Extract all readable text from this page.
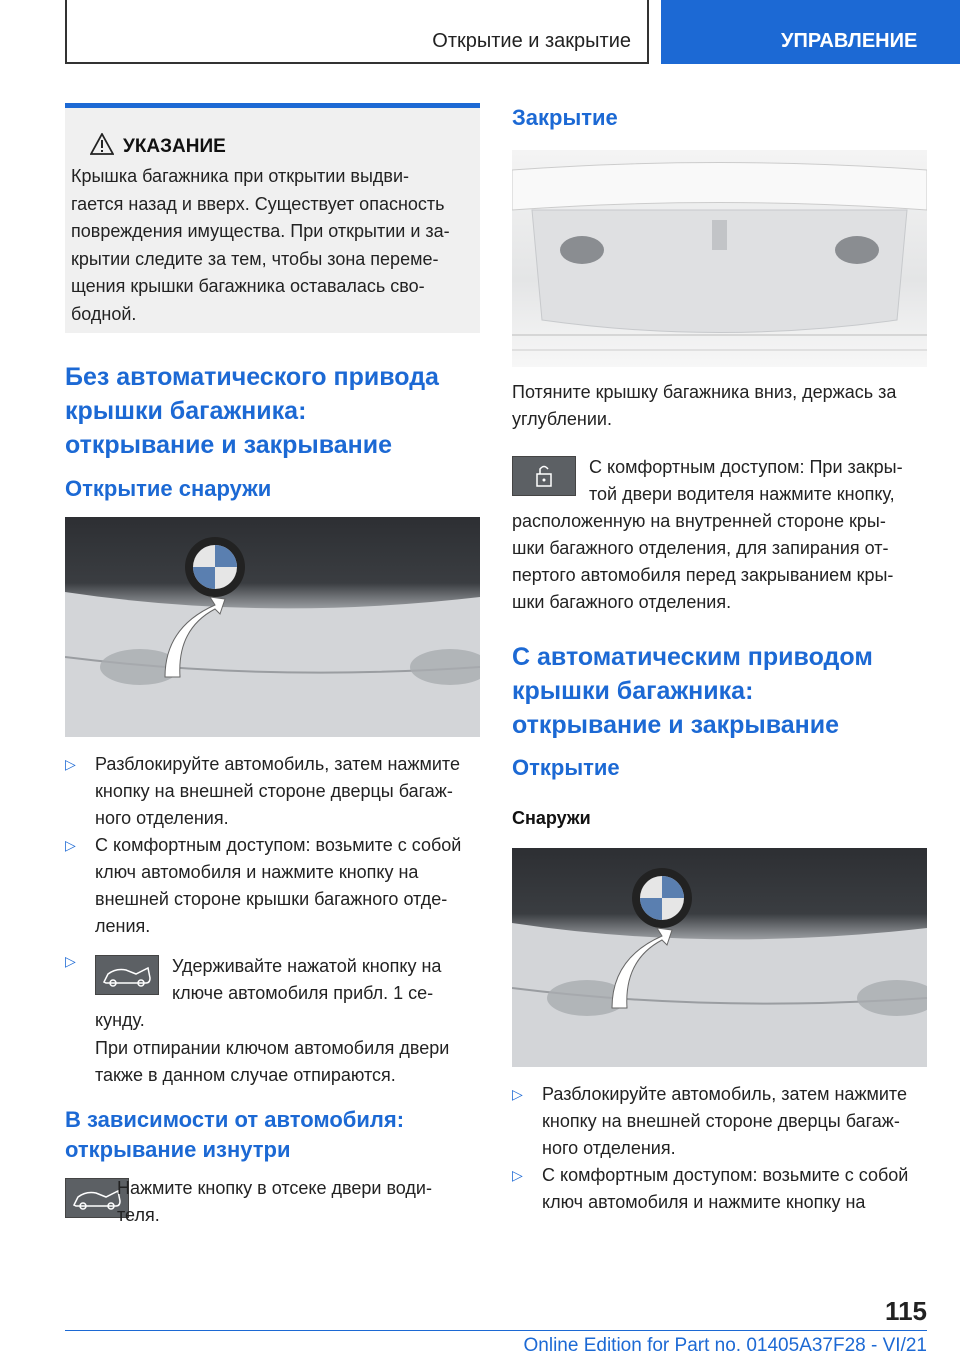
Открытие и закрытие	УПРАВЛЕНИЕ
УКАЗАНИЕ
Крышка багажника при открытии выдви-
гается назад и вверх. Существует опасность
повреждения имущества. При открытии и за-
крытии следите за тем, чтобы зона переме-
щения крышки багажника оставалась сво-
бодной.
Без автоматического привода
крышки багажника:
открывание и закрывание
Открытие снаружи
▷ Разблокируйте автомобиль, затем нажмите
кнопку на внешней стороне дверцы багаж-
ного отделения.
▷ С комфортным доступом: возьмите с собой
ключ автомобиля и нажмите кнопку на
внешней стороне крышки багажного отде-
ления.
▷	Удерживайте нажатой кнопку на
ключе автомобиля прибл. 1 се-
кунду.
При отпирании ключом автомобиля двери
также в данном случае отпираются.
В зависимости от автомобиля:
открывание изнутри
Нажмите кнопку в отсеке двери води-
теля.
Закрытие
Потяните крышку багажника вниз, держась за
углублении.
С комфортным доступом: При закры-
той двери водителя нажмите кнопку,
расположенную на внутренней стороне кры-
шки багажного отделения, для запирания от-
пертого автомобиля перед закрыванием кры-
шки багажного отделения.
С автоматическим приводом
крышки багажника:
открывание и закрывание
Открытие
Снаружи
▷ Разблокируйте автомобиль, затем нажмите
кнопку на внешней стороне дверцы багаж-
ного отделения.
▷ С комфортным доступом: возьмите с собой
ключ автомобиля и нажмите кнопку на
115
Online Edition for Part no. 01405A37F28 - VI/21
